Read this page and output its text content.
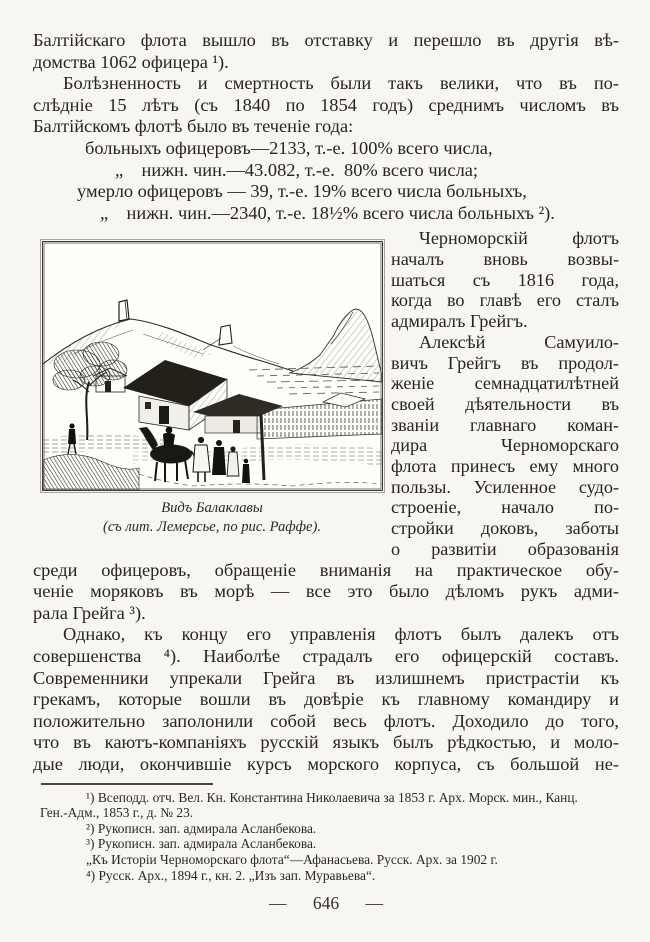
Балтійскаго флота вышло въ отставку и перешло въ другія вѣ-
домства 1062 офицера ¹).
Болѣзненность и смертность были такъ велики, что въ по-
слѣдніе 15 лѣтъ (съ 1840 по 1854 годъ) среднимъ числомъ въ
Балтійскомъ флотѣ было въ теченіе года:
больныхъ офицеровъ—2133, т.-е. 100% всего числа,
„    нижн. чин.—43.082, т.-е.  80% всего числа;
умерло офицеровъ — 39, т.-е. 19% всего числа больныхъ,
„    нижн. чин.—2340, т.-е. 18½% всего числа больныхъ ²).
Видъ Балаклавы
(съ лит. Лемерсье, по рис. Раффе).
Черноморскій флотъ
началъ вновь возвы-
шаться съ 1816 года,
когда во главѣ его сталъ
адмиралъ Грейгъ.
Алексѣй Самуило-
вичъ Грейгъ въ продол-
женіе семнадцатилѣтней
своей дѣятельности въ
званіи главнаго коман-
дира Черноморскаго
флота принесъ ему много
пользы. Усиленное судо-
строеніе, начало по-
стройки доковъ, заботы
о развитіи образованія
среди офицеровъ, обращеніе вниманія на практическое обу-
ченіе моряковъ въ морѣ — все это было дѣломъ рукъ адми-
рала Грейга ³).
Однако, къ концу его управленія флотъ былъ далекъ отъ
совершенства ⁴). Наиболѣе страдалъ его офицерскій составъ.
Современники упрекали Грейга въ излишнемъ пристрастіи къ
грекамъ, которые вошли въ довѣріе къ главному командиру и
положительно заполонили собой весь флотъ. Доходило до того,
что въ каютъ-компаніяхъ русскій языкъ былъ рѣдкостью, и моло-
дые люди, окончившіе курсъ морского корпуса, съ большой не-
¹) Всеподд. отч. Вел. Кн. Константина Николаевича за 1853 г. Арх. Морск. мин., Канц.
Ген.-Адм., 1853 г., д. № 23.
²) Рукописн. зап. адмирала Асланбекова.
³) Рукописн. зап. адмирала Асланбекова.
„Къ Исторіи Черноморскаго флота“—Афанасьева. Русск. Арх. за 1902 г.
⁴) Русск. Арх., 1894 г., кн. 2. „Изъ зап. Муравьева“.
— 646 —
